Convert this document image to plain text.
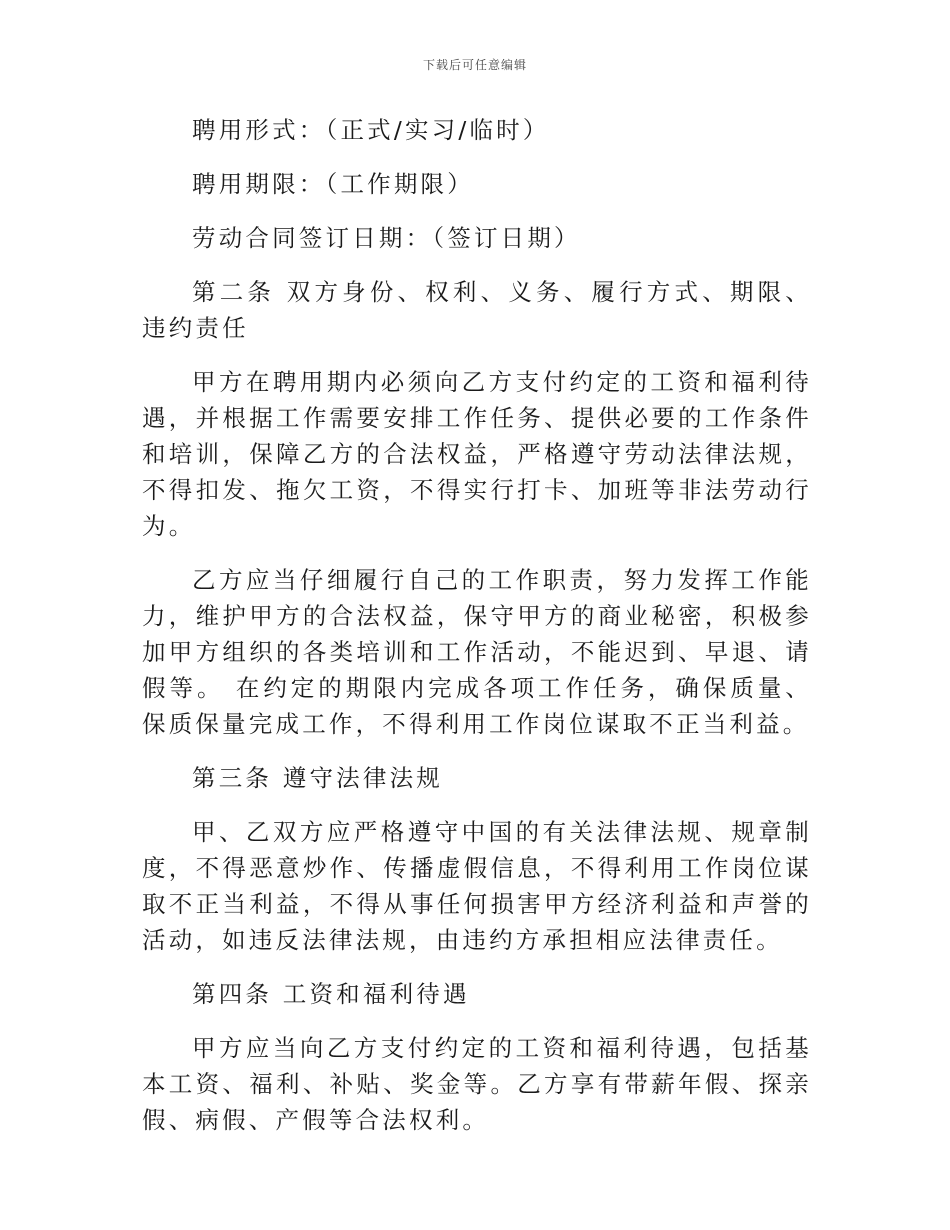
下载后可任意编辑

聘用形式：（正式/实习/临时）

聘用期限：（工作期限）

劳动合同签订日期：（签订日期）

第二条 双方身份、权利、义务、履行方式、期限、违约责任

甲方在聘用期内必须向乙方支付约定的工资和福利待遇，并根据工作需要安排工作任务、提供必要的工作条件和培训，保障乙方的合法权益，严格遵守劳动法律法规，不得扣发、拖欠工资，不得实行打卡、加班等非法劳动行为。

乙方应当仔细履行自己的工作职责，努力发挥工作能力，维护甲方的合法权益，保守甲方的商业秘密，积极参加甲方组织的各类培训和工作活动，不能迟到、早退、请假等。 在约定的期限内完成各项工作任务，确保质量、保质保量完成工作，不得利用工作岗位谋取不正当利益。

第三条 遵守法律法规

甲、乙双方应严格遵守中国的有关法律法规、规章制度，不得恶意炒作、传播虚假信息，不得利用工作岗位谋取不正当利益，不得从事任何损害甲方经济利益和声誉的活动，如违反法律法规，由违约方承担相应法律责任。

第四条 工资和福利待遇

甲方应当向乙方支付约定的工资和福利待遇，包括基本工资、福利、补贴、奖金等。乙方享有带薪年假、探亲假、病假、产假等合法权利。
